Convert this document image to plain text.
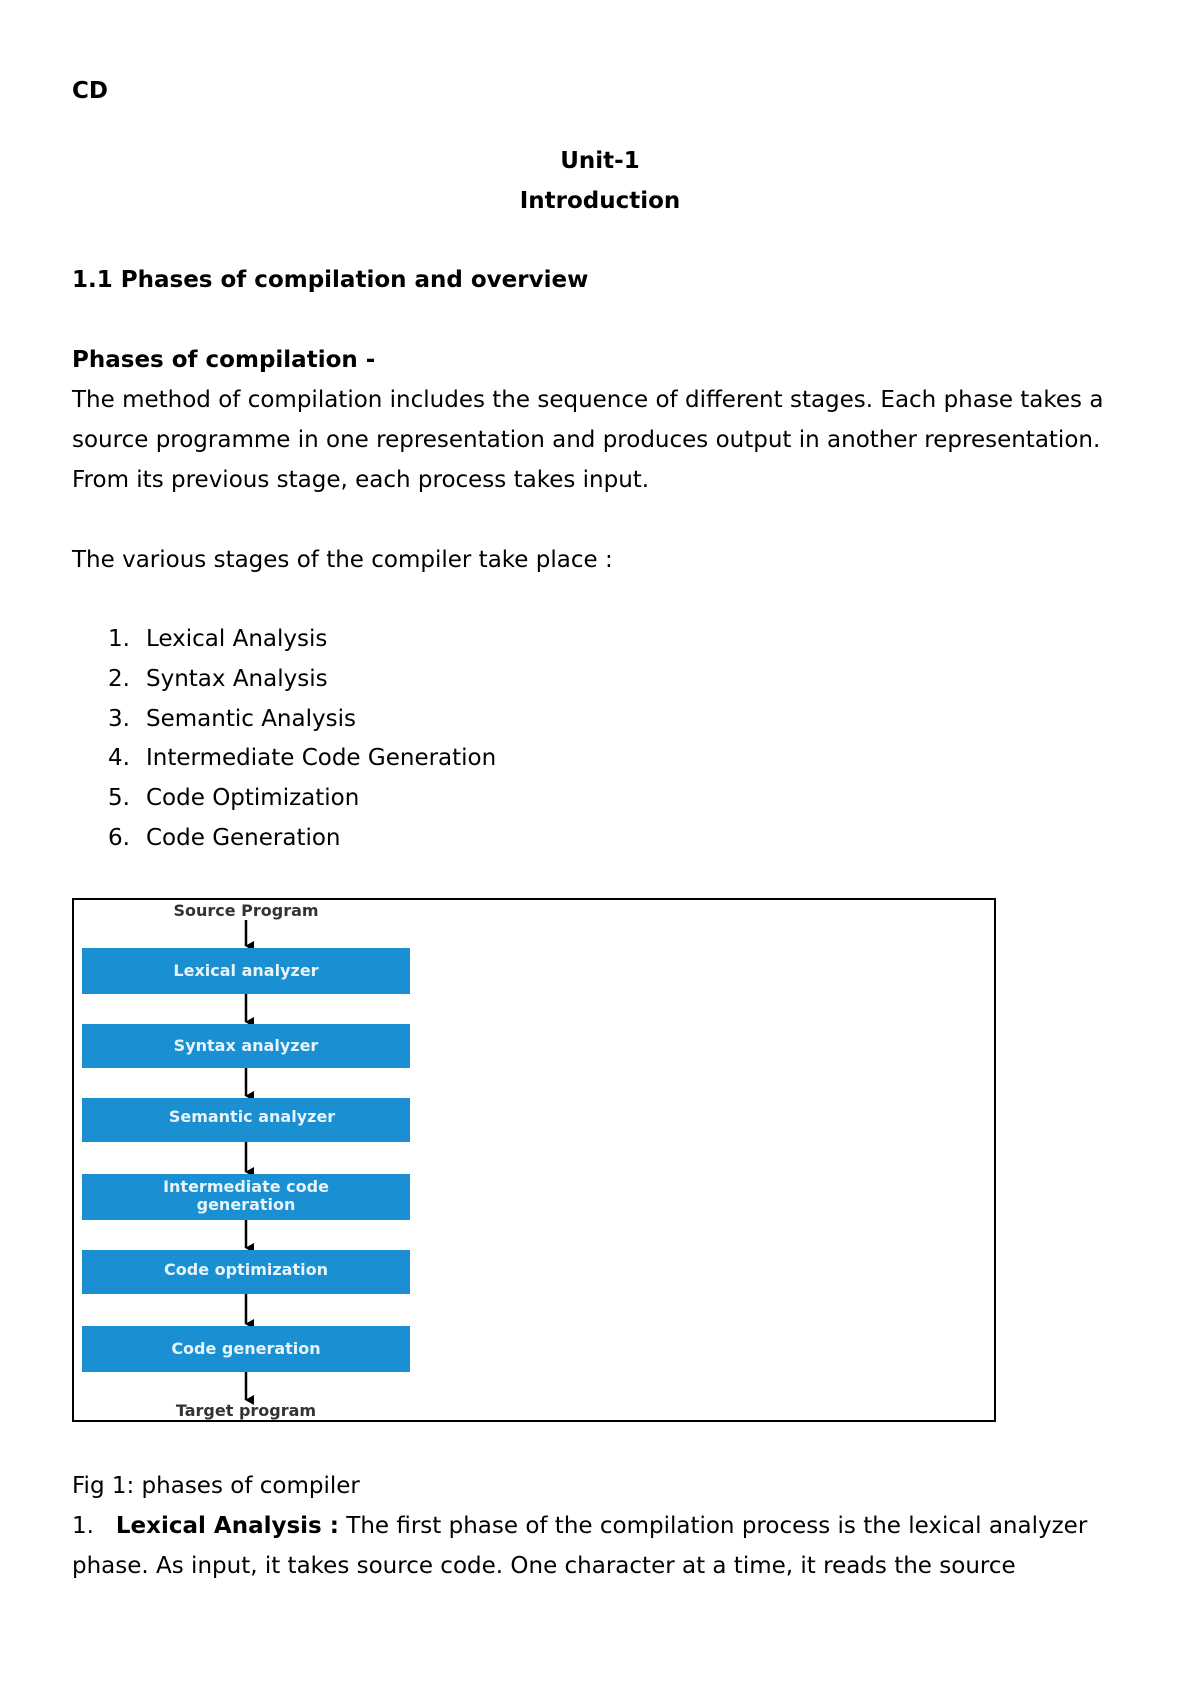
CD
Unit-1
Introduction
1.1 Phases of compilation and overview
Phases of compilation -
The method of compilation includes the sequence of different stages. Each phase takes a
source programme in one representation and produces output in another representation.
From its previous stage, each process takes input.
The various stages of the compiler take place :
1. Lexical Analysis
2. Syntax Analysis
3. Semantic Analysis
4. Intermediate Code Generation
5. Code Optimization
6. Code Generation
Source Program
Lexical analyzer
Syntax analyzer
Semantic analyzer
Intermediate code
generation
Code optimization
Code generation
Target program
Fig 1: phases of compiler
1. Lexical Analysis : The first phase of the compilation process is the lexical analyzer
phase. As input, it takes source code. One character at a time, it reads the source
